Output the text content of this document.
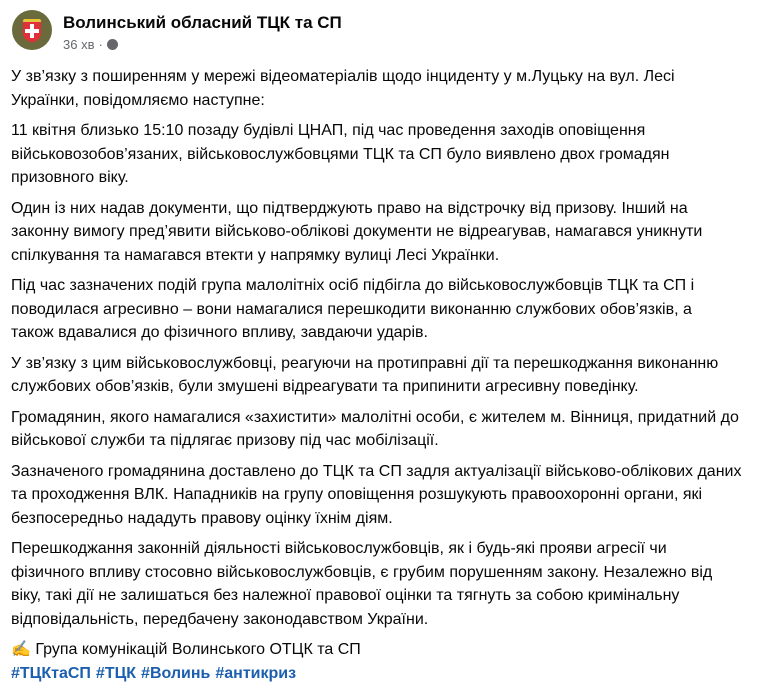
Волинський обласний ТЦК та СП
36 хв ·
У зв’язку з поширенням у мережі відеоматеріалів щодо інциденту у м.Луцьку на вул. Лесі
Українки, повідомляємо наступне:
11 квітня близько 15:10 позаду будівлі ЦНАП, під час проведення заходів оповіщення
військовозобов’язаних, військовослужбовцями ТЦК та СП було виявлено двох громадян
призовного віку.
Один із них надав документи, що підтверджують право на відстрочку від призову. Інший на
законну вимогу пред’явити військово-облікові документи не відреагував, намагався уникнути
спілкування та намагався втекти у напрямку вулиці Лесі Українки.
Під час зазначених подій група малолітніх осіб підбігла до військовослужбовців ТЦК та СП і
поводилася агресивно – вони намагалися перешкодити виконанню службових обов’язків, а
також вдавалися до фізичного впливу, завдаючи ударів.
У зв’язку з цим військовослужбовці, реагуючи на протиправні дії та перешкоджання виконанню
службових обов’язків, були змушені відреагувати та припинити агресивну поведінку.
Громадянин, якого намагалися «захистити» малолітні особи, є жителем м. Вінниця, придатний до
військової служби та підлягає призову під час мобілізації.
Зазначеного громадянина доставлено до ТЦК та СП задля актуалізації військово-облікових даних
та проходження ВЛК. Нападників на групу оповіщення розшукують правоохоронні органи, які
безпосередньо нададуть правову оцінку їхнім діям.
Перешкоджання законній діяльності військовослужбовців, як і будь-які прояви агресії чи
фізичного впливу стосовно військовослужбовців, є грубим порушенням закону. Незалежно від
віку, такі дії не залишаться без належної правової оцінки та тягнуть за собою кримінальну
відповідальність, передбачену законодавством України.
✍️ Група комунікацій Волинського ОТЦК та СП
#ТЦКтаСП #ТЦК #Волинь #антикриз
